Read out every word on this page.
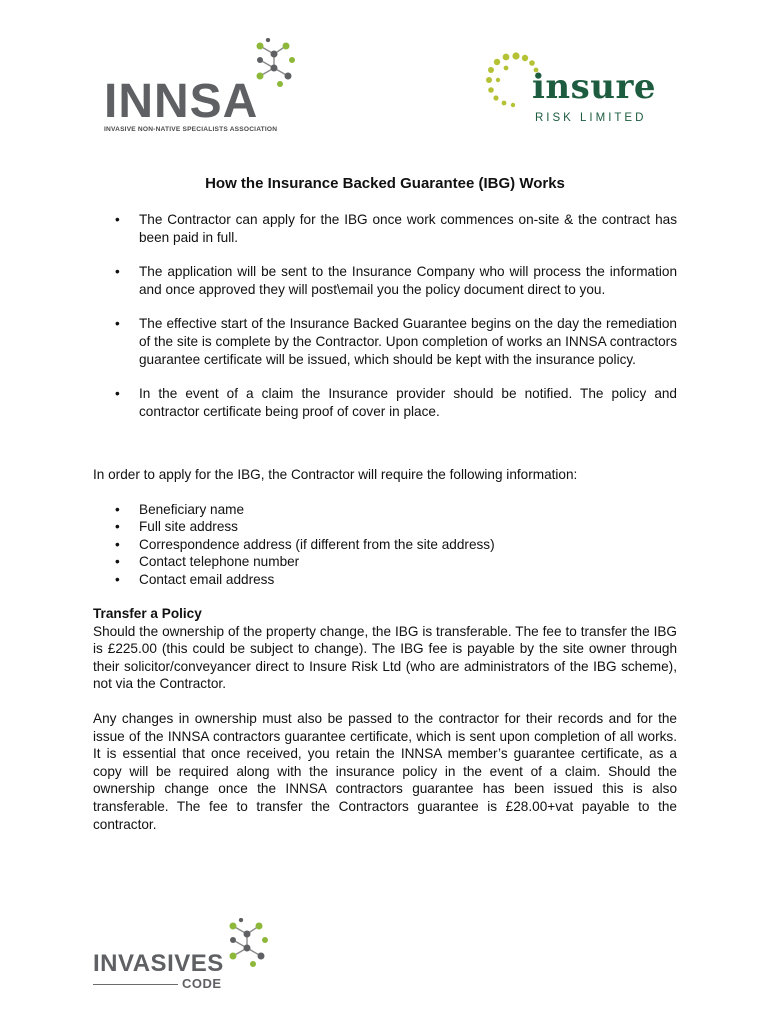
INNSA
INVASIVE NON-NATIVE SPECIALISTS ASSOCIATION
insure
RISK LIMITED
How the Insurance Backed Guarantee (IBG) Works
• The Contractor can apply for the IBG once work commences on-site & the contract has been paid in full.
• The application will be sent to the Insurance Company who will process the information and once approved they will post\email you the policy document direct to you.
• The effective start of the Insurance Backed Guarantee begins on the day the remediation of the site is complete by the Contractor. Upon completion of works an INNSA contractors guarantee certificate will be issued, which should be kept with the insurance policy.
• In the event of a claim the Insurance provider should be notified. The policy and contractor certificate being proof of cover in place.

In order to apply for the IBG, the Contractor will require the following information:

• Beneficiary name
• Full site address
• Correspondence address (if different from the site address)
• Contact telephone number
• Contact email address

Transfer a Policy

Should the ownership of the property change, the IBG is transferable. The fee to transfer the IBG is £225.00 (this could be subject to change). The IBG fee is payable by the site owner through their solicitor/conveyancer direct to Insure Risk Ltd (who are administrators of the IBG scheme), not via the Contractor.

Any changes in ownership must also be passed to the contractor for their records and for the issue of the INNSA contractors guarantee certificate, which is sent upon completion of all works. It is essential that once received, you retain the INNSA member’s guarantee certificate, as a copy will be required along with the insurance policy in the event of a claim. Should the ownership change once the INNSA contractors guarantee has been issued this is also transferable. The fee to transfer the Contractors guarantee is £28.00+vat payable to the contractor.

INVASIVES
CODE
